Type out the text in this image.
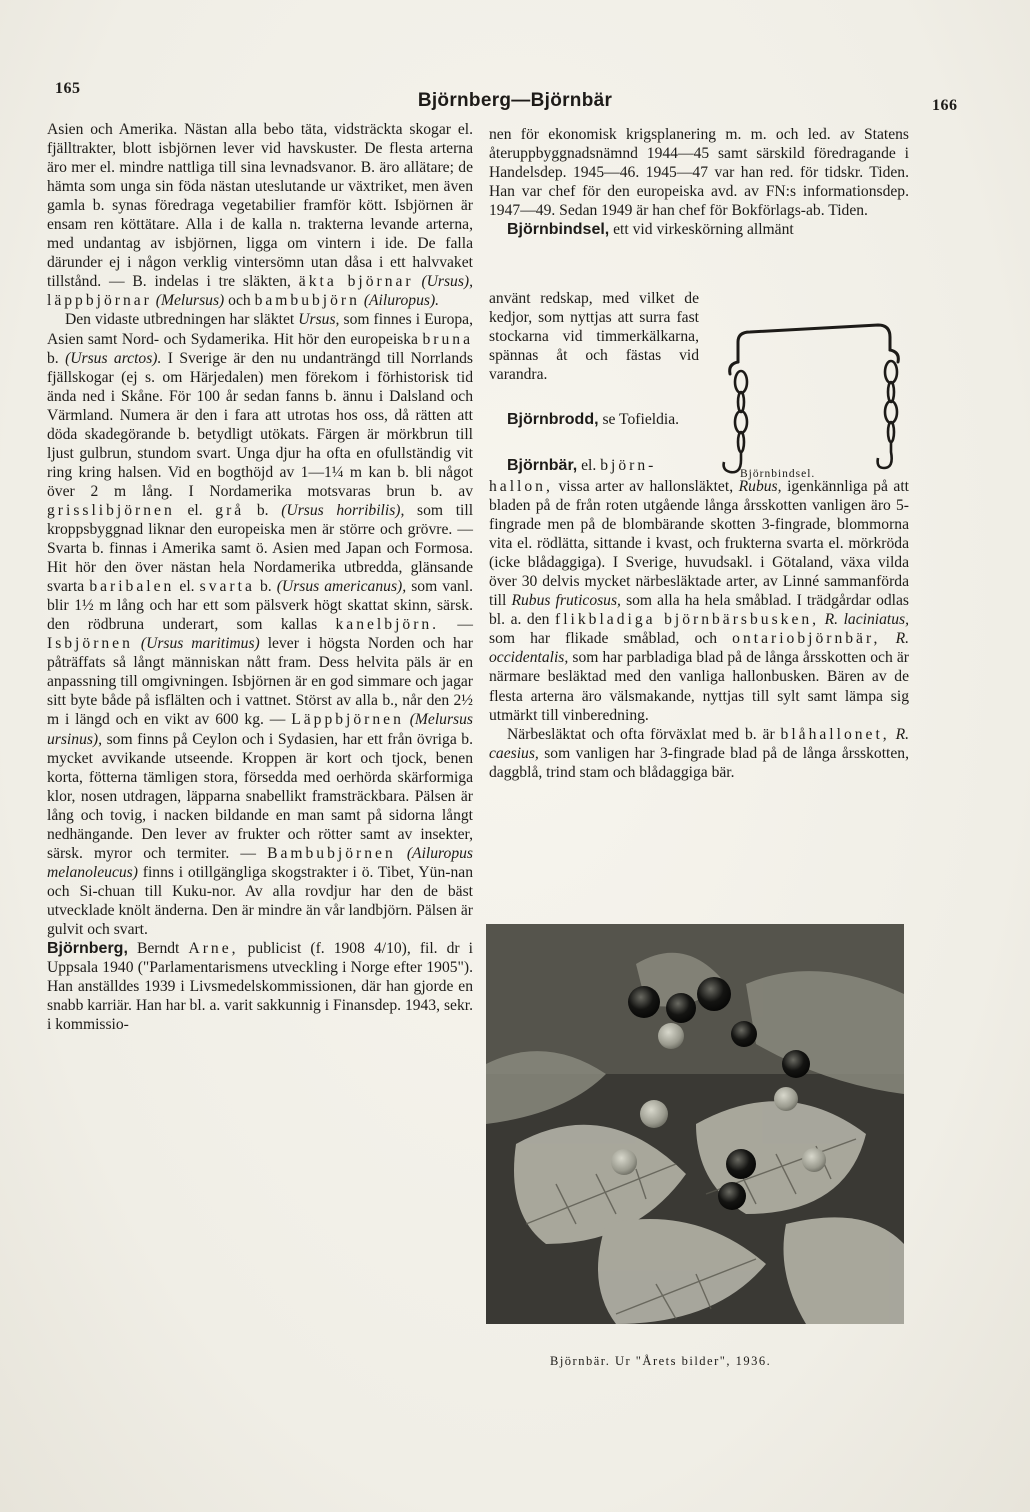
165
Björnberg—Björnbär	166

Asien och Amerika. Nästan alla bebo täta, vidsträckta skogar el. fjälltrakter, blott isbjörnen lever vid havskuster. De flesta arterna äro mer el. mindre nattliga till sina levnadsvanor. B. äro allätare; de hämta som unga sin föda nästan uteslutande ur växtriket, men även gamla b. synas föredraga vegetabilier framför kött. Isbjörnen är ensam ren köttätare. Alla i de kalla n. trakterna levande arterna, med undantag av isbjörnen, ligga om vintern i ide. De falla därunder ej i någon verklig vintersömn utan dåsa i ett halvvaket tillstånd. — B. indelas i tre släkten, äkta björnar (Ursus), läppbjörnar (Melursus) och bambubjörn (Ailuropus).

Den vidaste utbredningen har släktet Ursus, som finnes i Europa, Asien samt Nord- och Sydamerika. Hit hör den europeiska bruna b. (Ursus arctos). I Sverige är den nu undanträngd till Norrlands fjällskogar (ej s. om Härjedalen) men förekom i förhistorisk tid ända ned i Skåne. För 100 år sedan fanns b. ännu i Dalsland och Värmland. Numera är den i fara att utrotas hos oss, då rätten att döda skadegörande b. betydligt utökats. Färgen är mörkbrun till ljust gulbrun, stundom svart. Unga djur ha ofta en ofullständig vit ring kring halsen. Vid en bogthöjd av 1—1¼ m kan b. bli något över 2 m lång. I Nordamerika motsvaras brun b. av grisslibjörnen el. grå b. (Ursus horribilis), som till kroppsbyggnad liknar den europeiska men är större och grövre. — Svarta b. finnas i Amerika samt ö. Asien med Japan och Formosa. Hit hör den över nästan hela Nordamerika utbredda, glänsande svarta baribalen el. svarta b. (Ursus americanus), som vanl. blir 1½ m lång och har ett som pälsverk högt skattat skinn, särsk. den rödbruna underart, som kallas kanelbjörn. — Isbjörnen (Ursus maritimus) lever i högsta Norden och har påträffats så långt människan nått fram. Dess helvita päls är en anpassning till omgivningen. Isbjörnen är en god simmare och jagar sitt byte både på isflälten och i vattnet. Störst av alla b., når den 2½ m i längd och en vikt av 600 kg. — Läppbjörnen (Melursus ursinus), som finns på Ceylon och i Sydasien, har ett från övriga b. mycket avvikande utseende. Kroppen är kort och tjock, benen korta, fötterna tämligen stora, försedda med oerhörda skärformiga klor, nosen utdragen, läpparna snabellikt framsträckbara. Pälsen är lång och tovig, i nacken bildande en man samt på sidorna långt nedhängande. Den lever av frukter och rötter samt av insekter, särsk. myror och termiter. — Bambubjörnen (Ailuropus melanoleucus) finns i otillgängliga skogstrakter i ö. Tibet, Yün-nan och Si-chuan till Kuku-nor. Av alla rovdjur har den de bäst utvecklade knölt änderna. Den är mindre än vår landbjörn. Pälsen är gulvit och svart.

Björnberg, Berndt Arne, publicist (f. 1908 4/10), fil. dr i Uppsala 1940 ("Parlamentarismens utveckling i Norge efter 1905"). Han anställdes 1939 i Livsmedelskommissionen, där han gjorde en snabb karriär. Han har bl. a. varit sakkunnig i Finansdep. 1943, sekr. i kommissio-

nen för ekonomisk krigsplanering m. m. och led. av Statens återuppbyggnadsnämnd 1944—45 samt särskild föredragande i Handelsdep. 1945—46. 1945—47 var han red. för tidskr. Tiden. Han var chef för den europeiska avd. av FN:s informationsdep. 1947—49. Sedan 1949 är han chef för Bokförlags-ab. Tiden.

Björnbindsel, ett vid virkeskörning allmänt

använt redskap, med vilket de kedjor, som nyttjas att surra fast stockarna vid timmerkälkarna, spännas åt och fästas vid varandra.

Björnbrodd, se Tofieldia.

Björnbär, el. björn-

hallon, vissa arter av hallonsläktet, Rubus, igenkännliga på att bladen på de från roten utgående långa årsskotten vanligen äro 5-fingrade men på de blombärande skotten 3-fingrade, blommorna vita el. rödlätta, sittande i kvast, och frukterna svarta el. mörkröda (icke blådaggiga). I Sverige, huvudsakl. i Götaland, växa vilda över 30 delvis mycket närbesläktade arter, av Linné sammanförda till Rubus fruticosus, som alla ha hela småblad. I trädgårdar odlas bl. a. den flikbladiga björnbärsbusken, R. laciniatus, som har flikade småblad, och ontariobjörnbär, R. occidentalis, som har parbladiga blad på de långa årsskotten och är närmare besläktad med den vanliga hallonbusken. Bären av de flesta arterna äro välsmakande, nyttjas till sylt samt lämpa sig utmärkt till vinberedning.

Närbesläktat och ofta förväxlat med b. är blåhallonet, R. caesius, som vanligen har 3-fingrade blad på de långa årsskotten, daggblå, trind stam och blådaggiga bär.

Björnbindsel.
Björnbär. Ur "Årets bilder", 1936.
